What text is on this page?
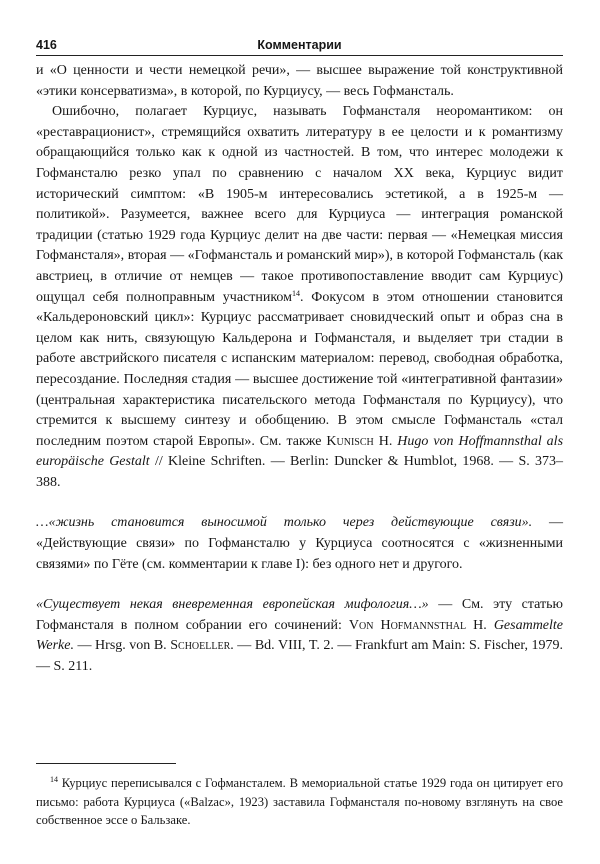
416	Комментарии

и «О ценности и чести немецкой речи», — высшее выражение той конструктивной «этики консерватизма», в которой, по Курциусу, — весь Гофмансталь.

Ошибочно, полагает Курциус, называть Гофмансталя неоромантиком: он «реставрационист», стремящийся охватить литературу в ее целости и к романтизму обращающийся только как к одной из частностей. В том, что интерес молодежи к Гофмансталю резко упал по сравнению с началом XX века, Курциус видит исторический симптом: «В 1905-м интересовались эстетикой, а в 1925-м — политикой». Разумеется, важнее всего для Курциуса — интеграция романской традиции (статью 1929 года Курциус делит на две части: первая — «Немецкая миссия Гофмансталя», вторая — «Гофмансталь и романский мир»), в которой Гофмансталь (как австриец, в отличие от немцев — такое противопоставление вводит сам Курциус) ощущал себя полноправным участником$^{14}$. Фокусом в этом отношении становится «Кальдероновский цикл»: Курциус рассматривает сновидческий опыт и образ сна в целом как нить, связующую Кальдерона и Гофмансталя, и выделяет три стадии в работе австрийского писателя с испанским материалом: перевод, свободная обработка, пересоздание. Последняя стадия — высшее достижение той «интегративной фантазии» (центральная характеристика писательского метода Гофмансталя по Курциусу), что стремится к высшему синтезу и обобщению. В этом смысле Гофмансталь «стал последним поэтом старой Европы». См. также Kunisch H. Hugo von Hoffmannsthal als europäische Gestalt // Kleine Schriften. — Berlin: Duncker & Humblot, 1968. — S. 373–388.

…«жизнь становится выносимой только через действующие связи». — «Действующие связи» по Гофмансталю у Курциуса соотносятся с «жизненными связями» по Гёте (см. комментарии к главе I): без одного нет и другого.

«Существует некая вневременная европейская мифология…» — См. эту статью Гофмансталя в полном собрании его сочинений: Von Hofmannsthal H. Gesammelte Werke. — Hrsg. von B. Schoeller. — Bd. VIII, T. 2. — Frankfurt am Main: S. Fischer, 1979. — S. 211.

$^{14}$ Курциус переписывался с Гофмансталем. В мемориальной статье 1929 года он цитирует его письмо: работа Курциуса («Balzac», 1923) заставила Гофмансталя по-новому взглянуть на свое собственное эссе о Бальзаке.
